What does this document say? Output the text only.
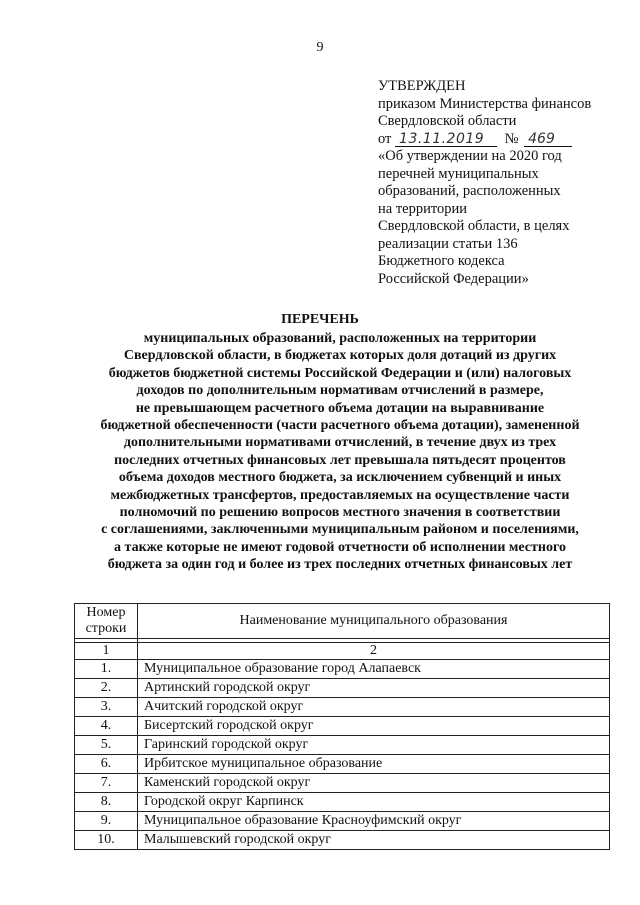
9
УТВЕРЖДЕН
приказом Министерства финансов
Свердловской области
от 13.11.2019 № 469
«Об утверждении на 2020 год
перечней муниципальных
образований, расположенных
на территории
Свердловской области, в целях
реализации статьи 136
Бюджетного кодекса
Российской Федерации»
ПЕРЕЧЕНЬ
муниципальных образований, расположенных на территории
Свердловской области, в бюджетах которых доля дотаций из других
бюджетов бюджетной системы Российской Федерации и (или) налоговых
доходов по дополнительным нормативам отчислений в размере,
не превышающем расчетного объема дотации на выравнивание
бюджетной обеспеченности (части расчетного объема дотации), замененной
дополнительными нормативами отчислений, в течение двух из трех
последних отчетных финансовых лет превышала пятьдесят процентов
объема доходов местного бюджета, за исключением субвенций и иных
межбюджетных трансфертов, предоставляемых на осуществление части
полномочий по решению вопросов местного значения в соответствии
с соглашениями, заключенными муниципальным районом и поселениями,
а также которые не имеют годовой отчетности об исполнении местного
бюджета за один год и более из трех последних отчетных финансовых лет
Номер
строки	Наименование муниципального образования

1	2
1.	Муниципальное образование город Алапаевск
2.	Артинский городской округ
3.	Ачитский городской округ
4.	Бисертский городской округ
5.	Гаринский городской округ
6.	Ирбитское муниципальное образование
7.	Каменский городской округ
8.	Городской округ Карпинск
9.	Муниципальное образование Красноуфимский округ
10.	Малышевский городской округ
